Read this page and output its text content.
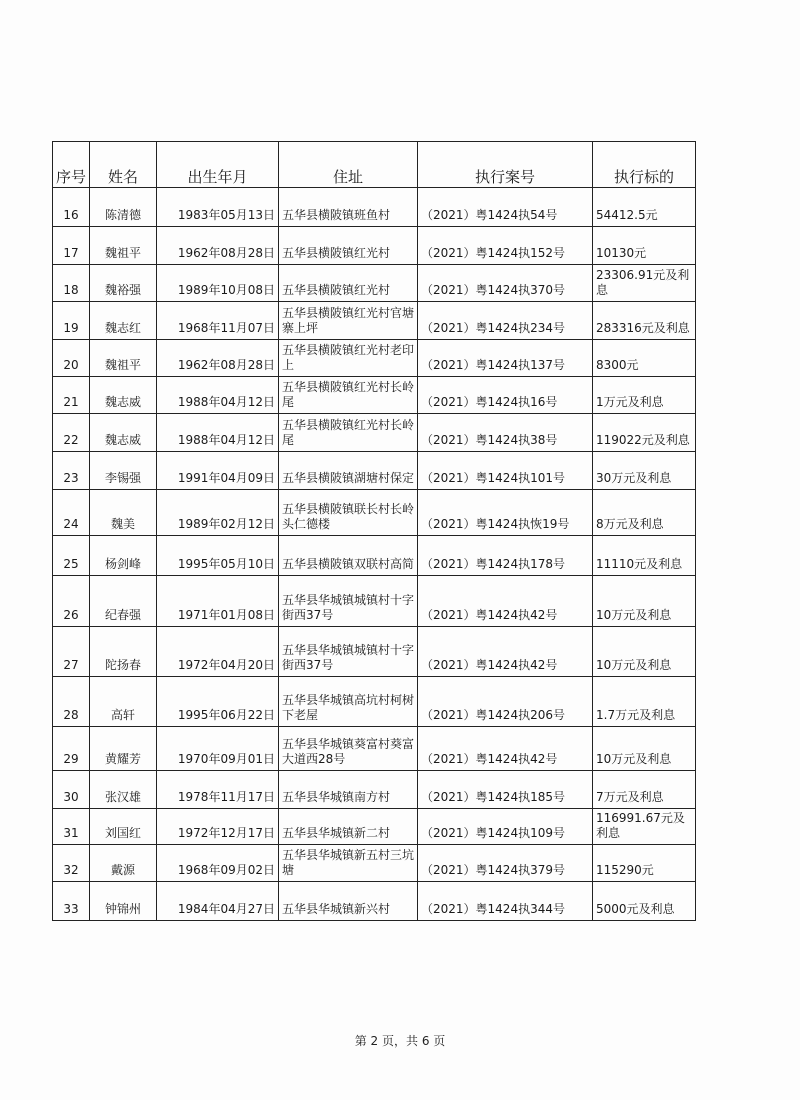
序号	姓名	出生年月	住址	执行案号	执行标的
16	陈清德	1983年05月13日	五华县横陂镇班鱼村	（2021）粤1424执54号	54412.5元
17	魏祖平	1962年08月28日	五华县横陂镇红光村	（2021）粤1424执152号	10130元
18	魏裕强	1989年10月08日	五华县横陂镇红光村	（2021）粤1424执370号	23306.91元及利息
19	魏志红	1968年11月07日	五华县横陂镇红光村官塘寨上坪	（2021）粤1424执234号	283316元及利息
20	魏祖平	1962年08月28日	五华县横陂镇红光村老印上	（2021）粤1424执137号	8300元
21	魏志威	1988年04月12日	五华县横陂镇红光村长岭尾	（2021）粤1424执16号	1万元及利息
22	魏志威	1988年04月12日	五华县横陂镇红光村长岭尾	（2021）粤1424执38号	119022元及利息
23	李锡强	1991年04月09日	五华县横陂镇湖塘村保定	（2021）粤1424执101号	30万元及利息
24	魏美	1989年02月12日	五华县横陂镇联长村长岭头仁德楼	（2021）粤1424执恢19号	8万元及利息
25	杨剑峰	1995年05月10日	五华县横陂镇双联村高简	（2021）粤1424执178号	11110元及利息
26	纪春强	1971年01月08日	五华县华城镇城镇村十字街西37号	（2021）粤1424执42号	10万元及利息
27	陀扬春	1972年04月20日	五华县华城镇城镇村十字街西37号	（2021）粤1424执42号	10万元及利息
28	高轩	1995年06月22日	五华县华城镇高坑村柯树下老屋	（2021）粤1424执206号	1.7万元及利息
29	黄耀芳	1970年09月01日	五华县华城镇葵富村葵富大道西28号	（2021）粤1424执42号	10万元及利息
30	张汉雄	1978年11月17日	五华县华城镇南方村	（2021）粤1424执185号	7万元及利息
31	刘国红	1972年12月17日	五华县华城镇新二村	（2021）粤1424执109号	116991.67元及利息
32	戴源	1968年09月02日	五华县华城镇新五村三坑塘	（2021）粤1424执379号	115290元
33	钟锦州	1984年04月27日	五华县华城镇新兴村	（2021）粤1424执344号	5000元及利息
第 2 页，共 6 页
